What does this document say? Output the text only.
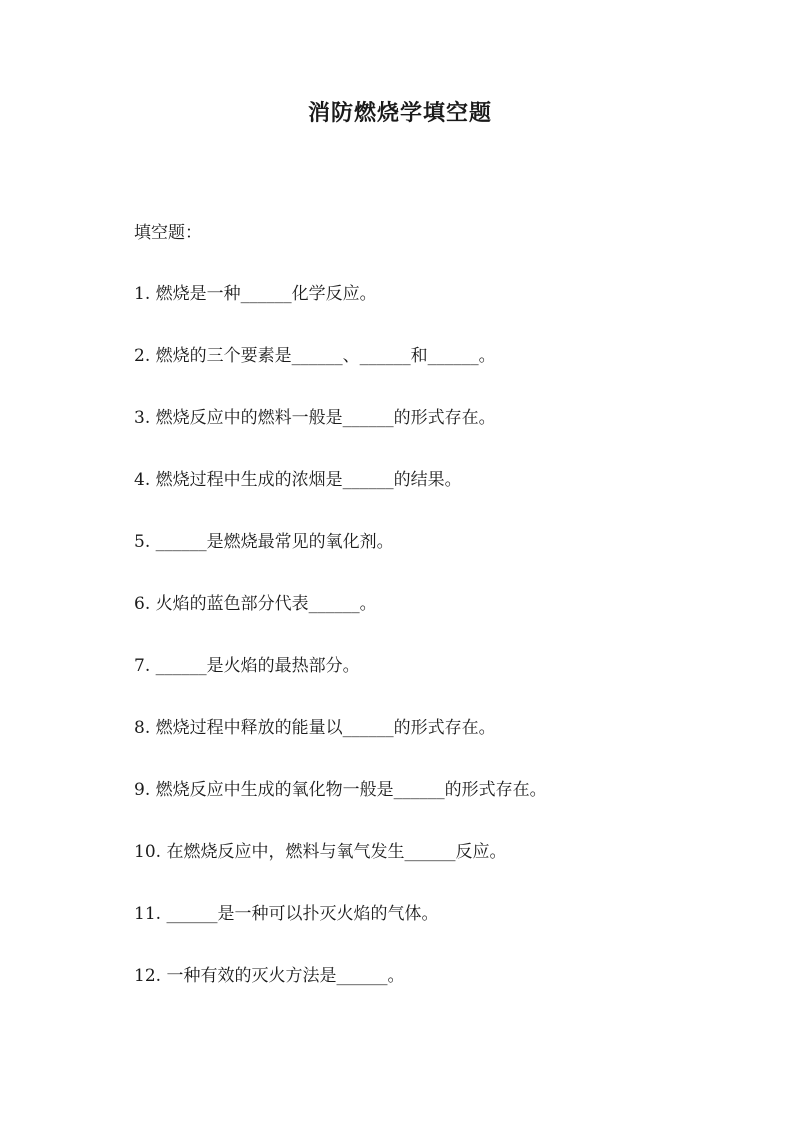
消防燃烧学填空题
填空题：
1. 燃烧是一种______化学反应。
2. 燃烧的三个要素是______、______和______。
3. 燃烧反应中的燃料一般是______的形式存在。
4. 燃烧过程中生成的浓烟是______的结果。
5. ______是燃烧最常见的氧化剂。
6. 火焰的蓝色部分代表______。
7. ______是火焰的最热部分。
8. 燃烧过程中释放的能量以______的形式存在。
9. 燃烧反应中生成的氧化物一般是______的形式存在。
10. 在燃烧反应中，燃料与氧气发生______反应。
11. ______是一种可以扑灭火焰的气体。
12. 一种有效的灭火方法是______。
